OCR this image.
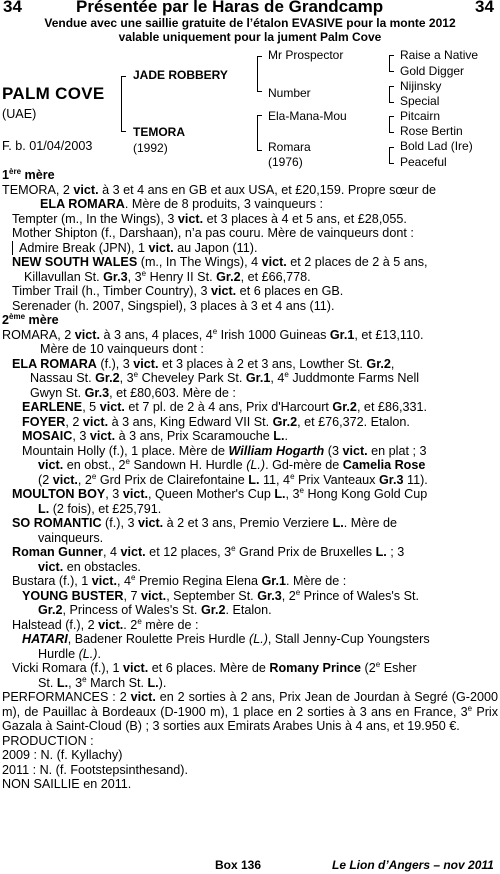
34	Présentée par le Haras de Grandcamp	34
Vendue avec une saillie gratuite de l’étalon EVASIVE pour la monte 2012
valable uniquement pour la jument Palm Cove
PALM COVE
(UAE)
F. b. 01/04/2003
JADE ROBBERY
TEMORA
(1992)
Mr Prospector
Number
Ela-Mana-Mou
Romara
(1976)
Raise a Native
Gold Digger
Nijinsky
Special
Pitcairn
Rose Bertin
Bold Lad (Ire)
Peaceful

1ère mère

TEMORA, 2 vict. à 3 et 4 ans en GB et aux USA, et £20,159. Propre sœur de

ELA ROMARA. Mère de 8 produits, 3 vainqueurs :

Tempter (m., In the Wings), 3 vict. et 3 places à 4 et 5 ans, et £28,055.

Mother Shipton (f., Darshaan), n’a pas couru. Mère de vainqueurs dont :

Admire Break (JPN), 1 vict. au Japon (11).

NEW SOUTH WALES (m., In The Wings), 4 vict. et 2 places de 2 à 5 ans,

Killavullan St. Gr.3, 3e Henry II St. Gr.2, et £66,778.

Timber Trail (h., Timber Country), 3 vict. et 6 places en GB.

Serenader (h. 2007, Singspiel), 3 places à 3 et 4 ans (11).

2ème mère

ROMARA, 2 vict. à 3 ans, 4 places, 4e Irish 1000 Guineas Gr.1, et £13,110.

Mère de 10 vainqueurs dont :

ELA ROMARA (f.), 3 vict. et 3 places à 2 et 3 ans, Lowther St. Gr.2,

Nassau St. Gr.2, 3e Cheveley Park St. Gr.1, 4e Juddmonte Farms Nell

Gwyn St. Gr.3, et £80,603. Mère de :

EARLENE, 5 vict. et 7 pl. de 2 à 4 ans, Prix d'Harcourt Gr.2, et £86,331.

FOYER, 2 vict. à 3 ans, King Edward VII St. Gr.2, et £76,372. Etalon.

MOSAIC, 3 vict. à 3 ans, Prix Scaramouche L..

Mountain Holly (f.), 1 place. Mère de William Hogarth (3 vict. en plat ; 3

vict. en obst., 2e Sandown H. Hurdle (L.). Gd-mère de Camelia Rose

(2 vict., 2e Grd Prix de Clairefontaine L. 11, 4e Prix Vanteaux Gr.3 11).

MOULTON BOY, 3 vict., Queen Mother's Cup L., 3e Hong Kong Gold Cup

L. (2 fois), et £25,791.

SO ROMANTIC (f.), 3 vict. à 2 et 3 ans, Premio Verziere L.. Mère de

vainqueurs.

Roman Gunner, 4 vict. et 12 places, 3e Grand Prix de Bruxelles L. ; 3

vict. en obstacles.

Bustara (f.), 1 vict., 4e Premio Regina Elena Gr.1. Mère de :

YOUNG BUSTER, 7 vict., September St. Gr.3, 2e Prince of Wales's St.

Gr.2, Princess of Wales's St. Gr.2. Etalon.

Halstead (f.), 2 vict.. 2e mère de :

HATARI, Badener Roulette Preis Hurdle (L.), Stall Jenny-Cup Youngsters

Hurdle (L.).

Vicki Romara (f.), 1 vict. et 6 places. Mère de Romany Prince (2e Esher

St. L., 3e March St. L.).

PERFORMANCES : 2 vict. en 2 sorties à 2 ans, Prix Jean de Jourdan à Segré (G-2000 m), de Pauillac à Bordeaux (D-1900 m), 1 place en 2 sorties à 3 ans en France, 3e Prix Gazala à Saint-Cloud (B) ; 3 sorties aux Emirats Arabes Unis à 4 ans, et 19.950 €.

PRODUCTION :

2009 : N. (f. Kyllachy)

2011 : N. (f. Footstepsinthesand).

NON SAILLIE en 2011.

Box 136	Le Lion d’Angers – nov 2011
